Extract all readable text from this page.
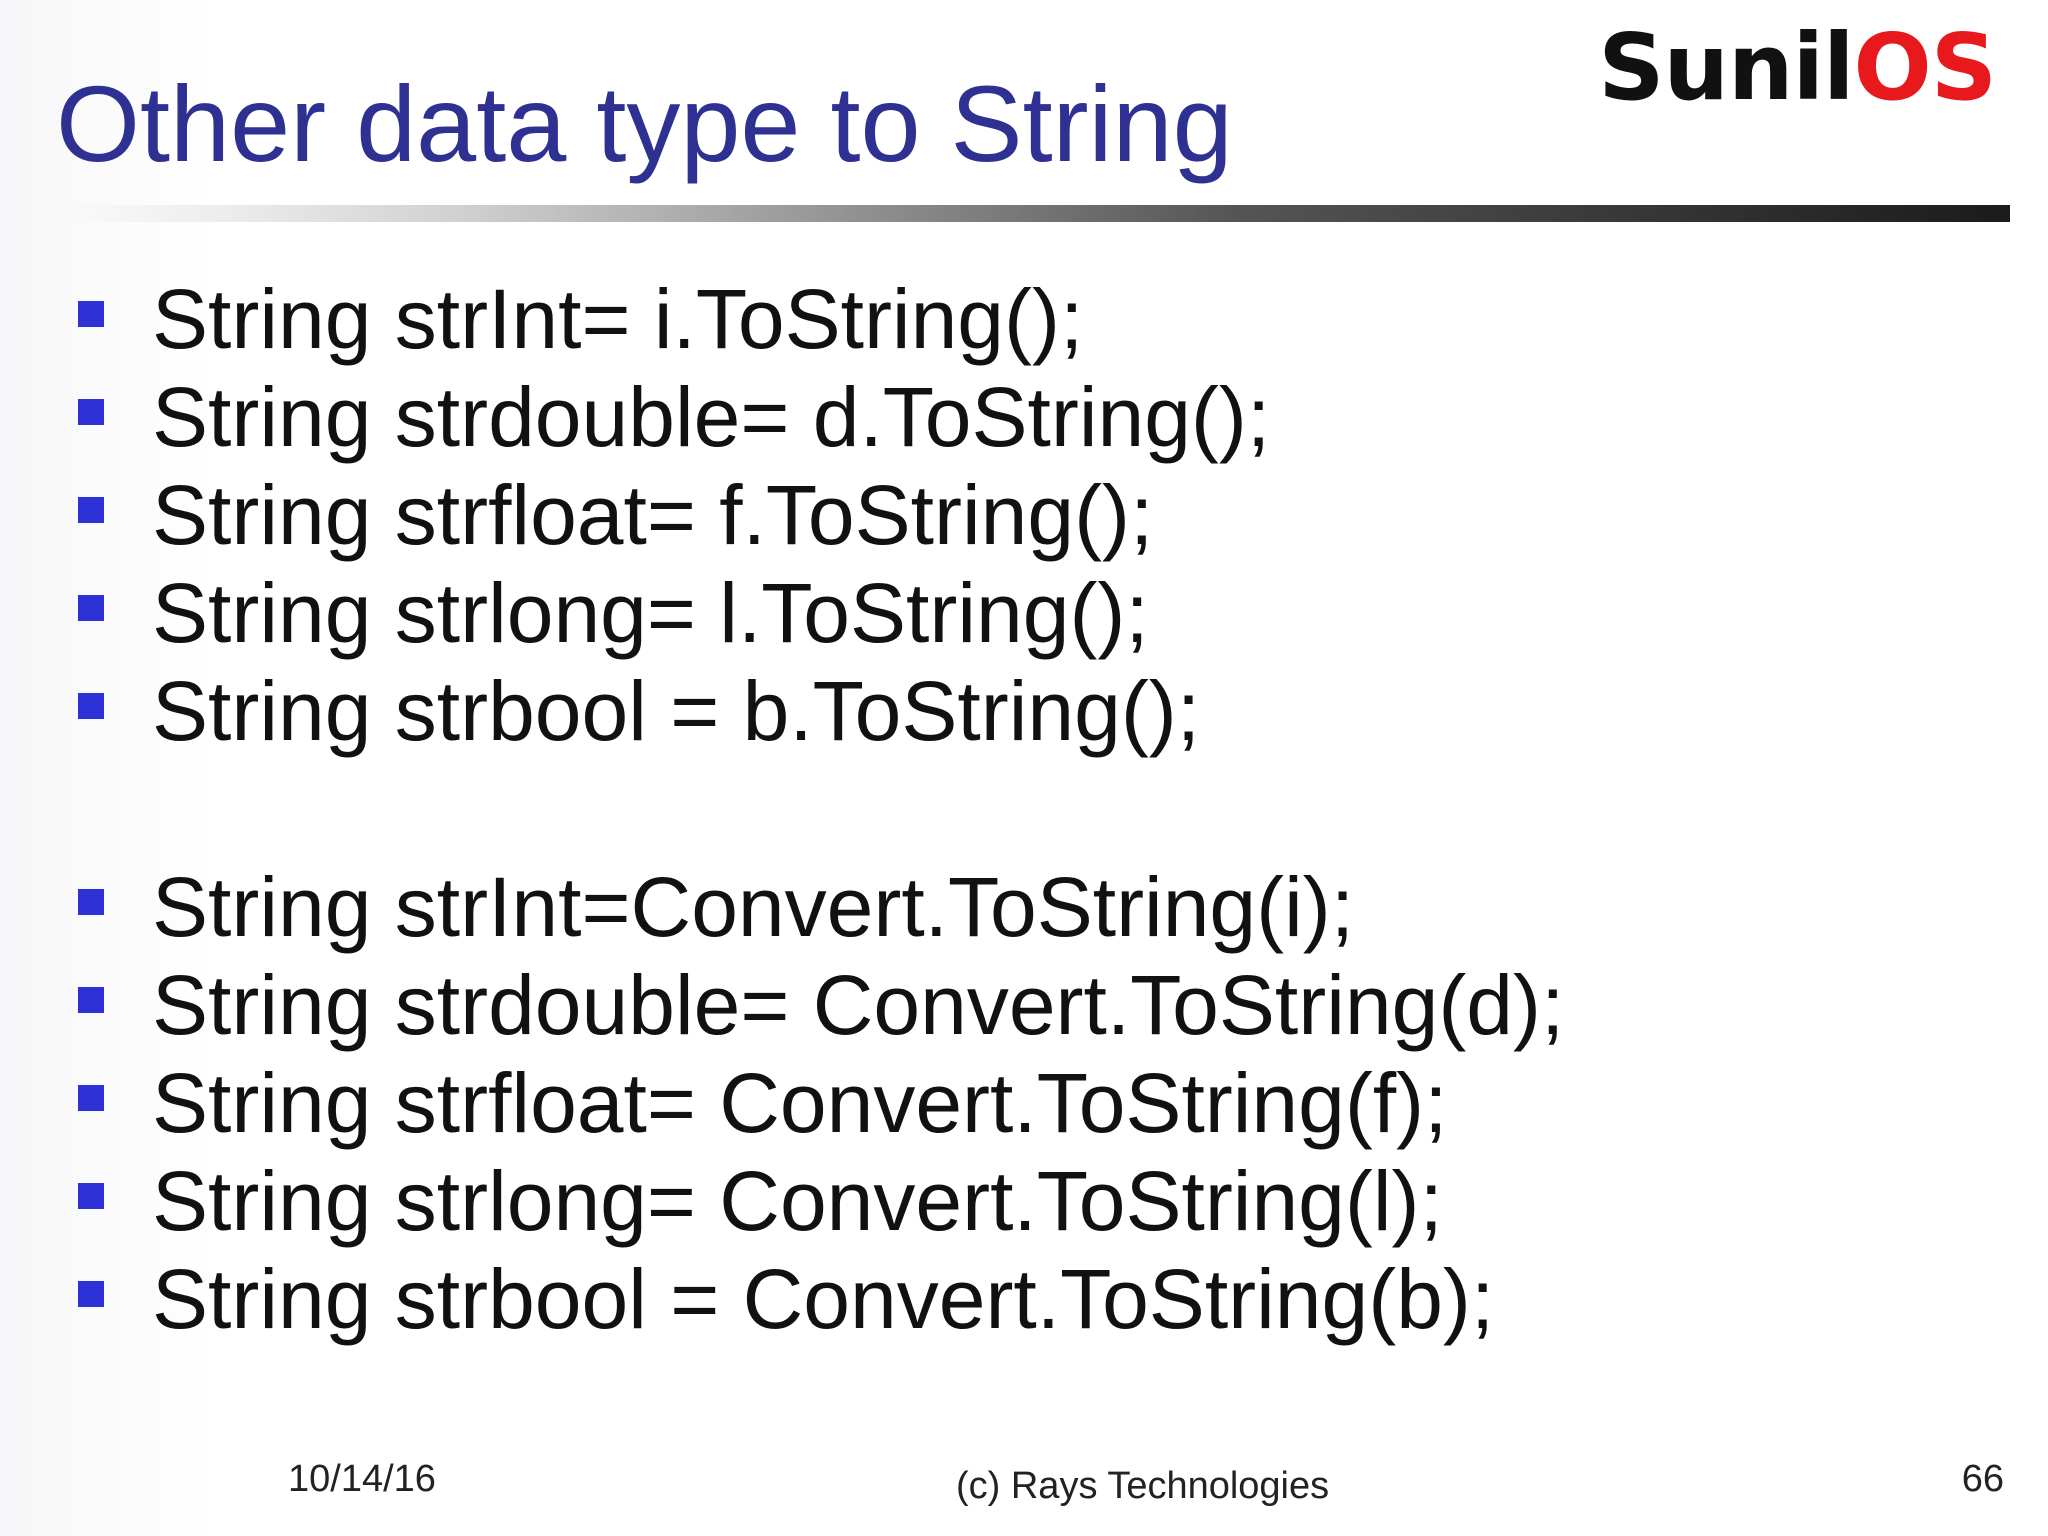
SunilOS
Other data type to String
String strInt= i.ToString();
String strdouble= d.ToString();
String strfloat= f.ToString();
String strlong= l.ToString();
String strbool = b.ToString();
String strInt=Convert.ToString(i);
String strdouble= Convert.ToString(d);
String strfloat= Convert.ToString(f);
String strlong= Convert.ToString(l);
String strbool = Convert.ToString(b);
10/14/16	(c) Rays Technologies	66
